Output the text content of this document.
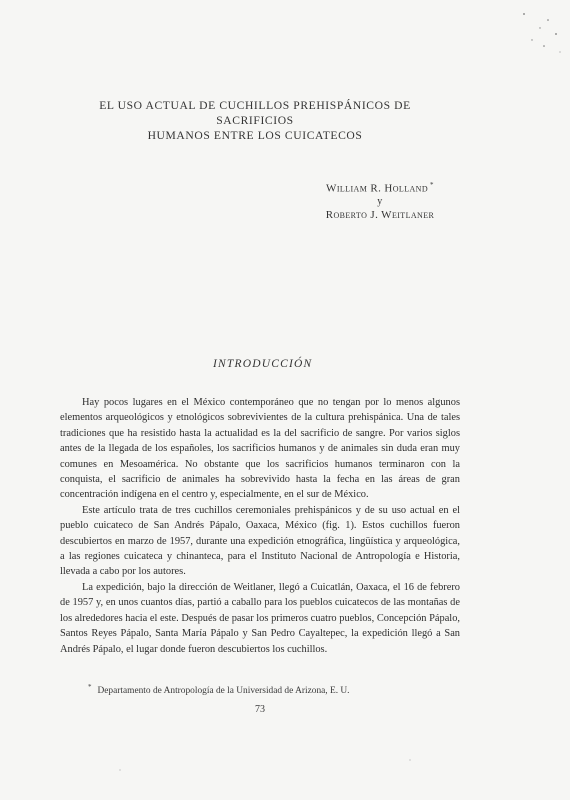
EL USO ACTUAL DE CUCHILLOS PREHISPÁNICOS DE SACRIFICIOS
HUMANOS ENTRE LOS CUICATECOS
William R. Holland *
y
Roberto J. Weitlaner
INTRODUCCIÓN

Hay pocos lugares en el México contemporáneo que no tengan por lo menos algunos elementos arqueológicos y etnológicos sobrevivientes de la cultura prehispánica. Una de tales tradiciones que ha resistido hasta la actualidad es la del sacrificio de sangre. Por varios siglos antes de la llegada de los españoles, los sacrificios humanos y de animales sin duda eran muy comunes en Mesoamérica. No obstante que los sacrificios humanos terminaron con la conquista, el sacrificio de animales ha sobrevivido hasta la fecha en las áreas de gran concentración indígena en el centro y, especialmente, en el sur de México.

Este artículo trata de tres cuchillos ceremoniales prehispánicos y de su uso actual en el pueblo cuicateco de San Andrés Pápalo, Oaxaca, México (fig. 1). Estos cuchillos fueron descubiertos en marzo de 1957, durante una expedición etnográfica, lingüística y arqueológica, a las regiones cuicateca y chinanteca, para el Instituto Nacional de Antropología e Historia, llevada a cabo por los autores.

La expedición, bajo la dirección de Weitlaner, llegó a Cuicatlán, Oaxaca, el 16 de febrero de 1957 y, en unos cuantos días, partió a caballo para los pueblos cuicatecos de las montañas de los alrededores hacia el este. Después de pasar los primeros cuatro pueblos, Concepción Pápalo, Santos Reyes Pápalo, Santa María Pápalo y San Pedro Cayaltepec, la expedición llegó a San Andrés Pápalo, el lugar donde fueron descubiertos los cuchillos.

* Departamento de Antropología de la Universidad de Arizona, E. U.
73
